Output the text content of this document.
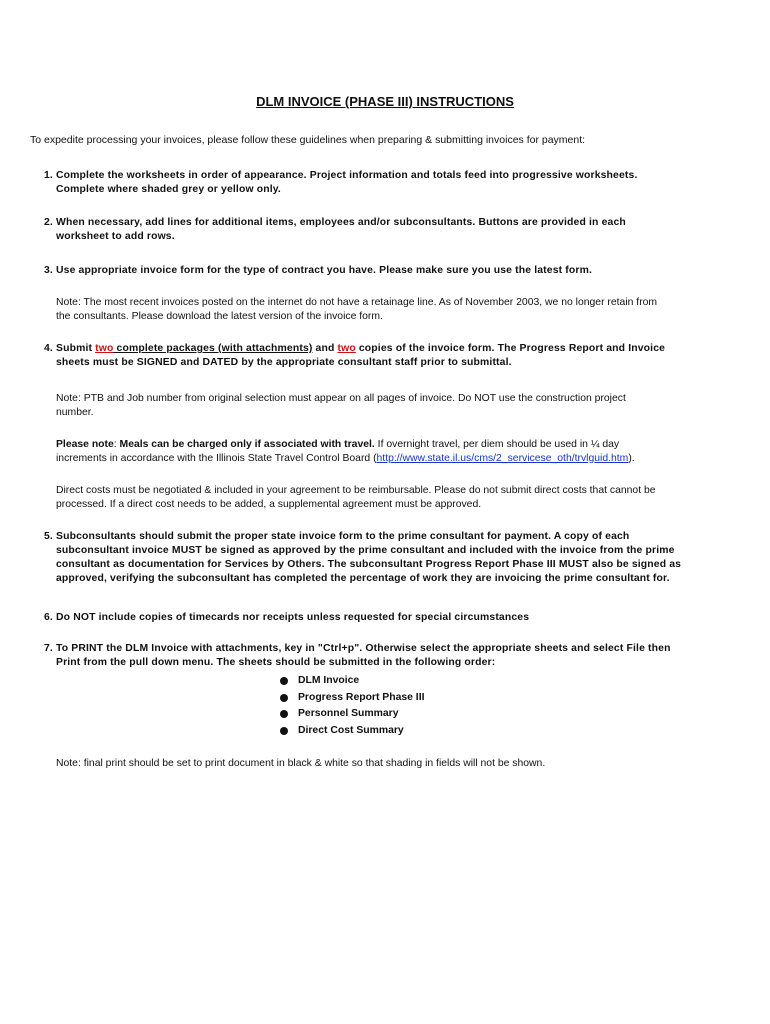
DLM INVOICE (PHASE III) INSTRUCTIONS
To expedite processing your invoices, please follow these guidelines when preparing & submitting invoices for payment:
1. Complete the worksheets in order of appearance. Project information and totals feed into progressive worksheets.
Complete where shaded grey or yellow only.
2. When necessary, add lines for additional items, employees and/or subconsultants. Buttons are provided in each
worksheet to add rows.
3. Use appropriate invoice form for the type of contract you have. Please make sure you use the latest form.
Note: The most recent invoices posted on the internet do not have a retainage line. As of November 2003, we no longer retain from
the consultants. Please download the latest version of the invoice form.
4. Submit two complete packages (with attachments) and two copies of the invoice form. The Progress Report and Invoice
sheets must be SIGNED and DATED by the appropriate consultant staff prior to submittal.
Note: PTB and Job number from original selection must appear on all pages of invoice. Do NOT use the construction project
number.
Please note: Meals can be charged only if associated with travel. If overnight travel, per diem should be used in ¼ day
increments in accordance with the Illinois State Travel Control Board (http://www.state.il.us/cms/2_servicese_oth/trvlguid.htm).
Direct costs must be negotiated & included in your agreement to be reimbursable. Please do not submit direct costs that cannot be
processed. If a direct cost needs to be added, a supplemental agreement must be approved.
5. Subconsultants should submit the proper state invoice form to the prime consultant for payment. A copy of each
subconsultant invoice MUST be signed as approved by the prime consultant and included with the invoice from the prime
consultant as documentation for Services by Others. The subconsultant Progress Report Phase III MUST also be signed as
approved, verifying the subconsultant has completed the percentage of work they are invoicing the prime consultant for.
6. Do NOT include copies of timecards nor receipts unless requested for special circumstances
7. To PRINT the DLM Invoice with attachments, key in "Ctrl+p". Otherwise select the appropriate sheets and select File then
Print from the pull down menu. The sheets should be submitted in the following order:
DLM Invoice
Progress Report Phase III
Personnel Summary
Direct Cost Summary
Note: final print should be set to print document in black & white so that shading in fields will not be shown.
